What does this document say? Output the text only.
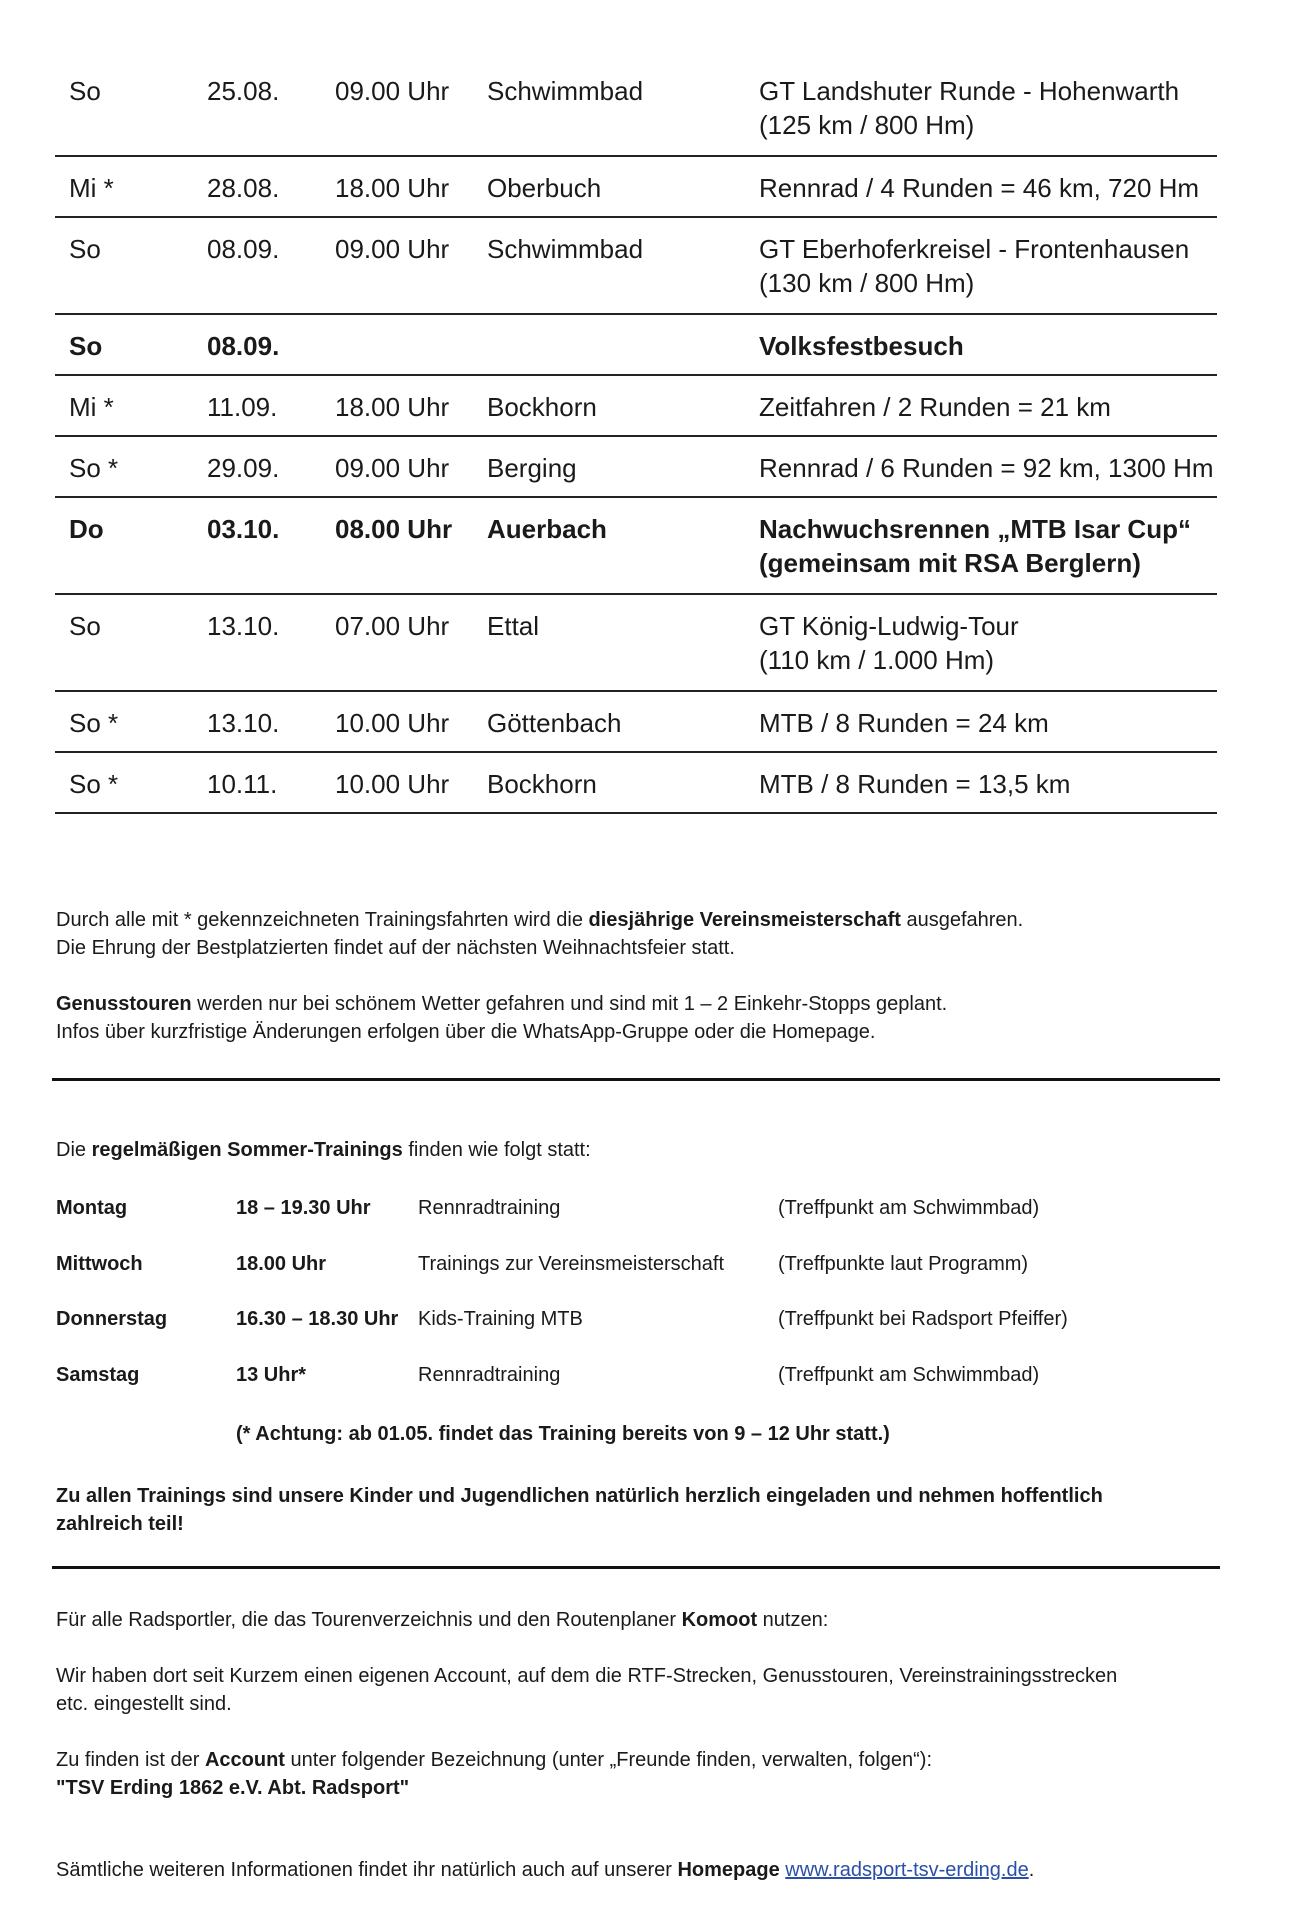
So	25.08. 09.00 Uhr Schwimmbad	GT Landshuter Runde - Hohenwarth
(125 km / 800 Hm)
Mi *	28.08. 18.00 Uhr Oberbuch	Rennrad / 4 Runden = 46 km, 720 Hm
So	08.09. 09.00 Uhr Schwimmbad	GT Eberhoferkreisel - Frontenhausen
(130 km / 800 Hm)
So	08.09.	Volksfestbesuch
Mi *	11.09. 18.00 Uhr Bockhorn	Zeitfahren / 2 Runden = 21 km
So *	29.09. 09.00 Uhr Berging	Rennrad / 6 Runden = 92 km, 1300 Hm
Do	03.10. 08.00 Uhr Auerbach	Nachwuchsrennen „MTB Isar Cup“
(gemeinsam mit RSA Berglern)
So	13.10. 07.00 Uhr Ettal	GT König-Ludwig-Tour
(110 km / 1.000 Hm)
So *	13.10. 10.00 Uhr Göttenbach	MTB / 8 Runden = 24 km
So *	10.11. 10.00 Uhr Bockhorn	MTB / 8 Runden = 13,5 km
Durch alle mit * gekennzeichneten Trainingsfahrten wird die diesjährige Vereinsmeisterschaft ausgefahren.
Die Ehrung der Bestplatzierten findet auf der nächsten Weihnachtsfeier statt.
Genusstouren werden nur bei schönem Wetter gefahren und sind mit 1 – 2 Einkehr-Stopps geplant.
Infos über kurzfristige Änderungen erfolgen über die WhatsApp-Gruppe oder die Homepage.
Die regelmäßigen Sommer-Trainings finden wie folgt statt:
Montag	18 – 19.30 Uhr Rennradtraining	(Treffpunkt am Schwimmbad)
Mittwoch	18.00 Uhr	Trainings zur Vereinsmeisterschaft	(Treffpunkte laut Programm)
Donnerstag	16.30 – 18.30 Uhr Kids-Training MTB	(Treffpunkt bei Radsport Pfeiffer)
Samstag	13 Uhr*	Rennradtraining	(Treffpunkt am Schwimmbad)
(* Achtung: ab 01.05. findet das Training bereits von 9 – 12 Uhr statt.)
Zu allen Trainings sind unsere Kinder und Jugendlichen natürlich herzlich eingeladen und nehmen hoffentlich
zahlreich teil!
Für alle Radsportler, die das Tourenverzeichnis und den Routenplaner Komoot nutzen:
Wir haben dort seit Kurzem einen eigenen Account, auf dem die RTF-Strecken, Genusstouren, Vereinstrainingsstrecken
etc. eingestellt sind.
Zu finden ist der Account unter folgender Bezeichnung (unter „Freunde finden, verwalten, folgen“):
"TSV Erding 1862 e.V. Abt. Radsport"
Sämtliche weiteren Informationen findet ihr natürlich auch auf unserer Homepage www.radsport-tsv-erding.de.
